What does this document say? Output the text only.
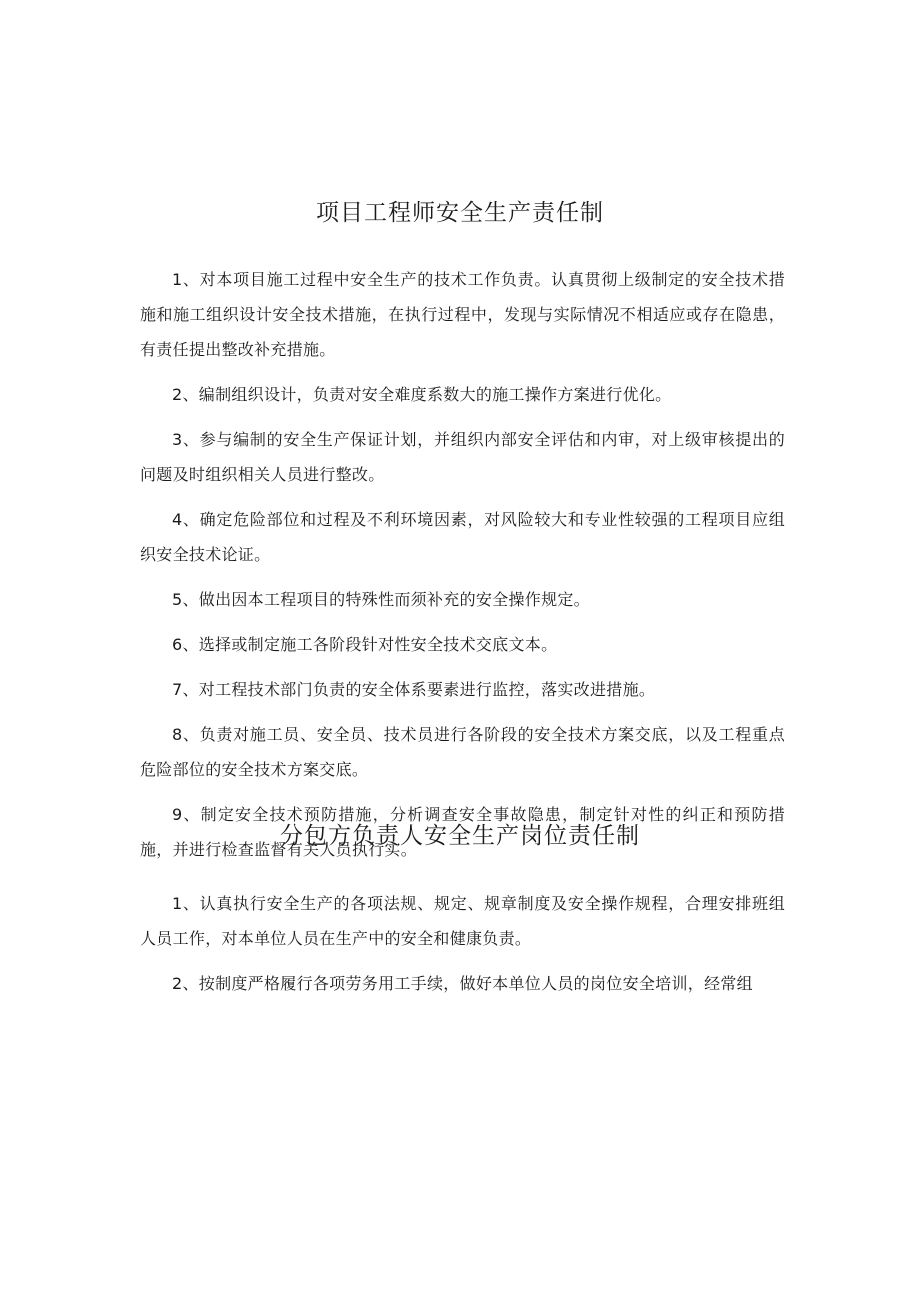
项目工程师安全生产责任制

1、对本项目施工过程中安全生产的技术工作负责。认真贯彻上级制定的安全技术措施和施工组织设计安全技术措施，在执行过程中，发现与实际情况不相适应或存在隐患，有责任提出整改补充措施。

2、编制组织设计，负责对安全难度系数大的施工操作方案进行优化。

3、参与编制的安全生产保证计划，并组织内部安全评估和内审，对上级审核提出的问题及时组织相关人员进行整改。

4、确定危险部位和过程及不利环境因素，对风险较大和专业性较强的工程项目应组织安全技术论证。

5、做出因本工程项目的特殊性而须补充的安全操作规定。

6、选择或制定施工各阶段针对性安全技术交底文本。

7、对工程技术部门负责的安全体系要素进行监控，落实改进措施。

8、负责对施工员、安全员、技术员进行各阶段的安全技术方案交底，以及工程重点危险部位的安全技术方案交底。

9、制定安全技术预防措施，分析调查安全事故隐患，制定针对性的纠正和预防措施，并进行检查监督有关人员执行实。

分包方负责人安全生产岗位责任制

1、认真执行安全生产的各项法规、规定、规章制度及安全操作规程，合理安排班组人员工作，对本单位人员在生产中的安全和健康负责。

2、按制度严格履行各项劳务用工手续，做好本单位人员的岗位安全培训，经常组
